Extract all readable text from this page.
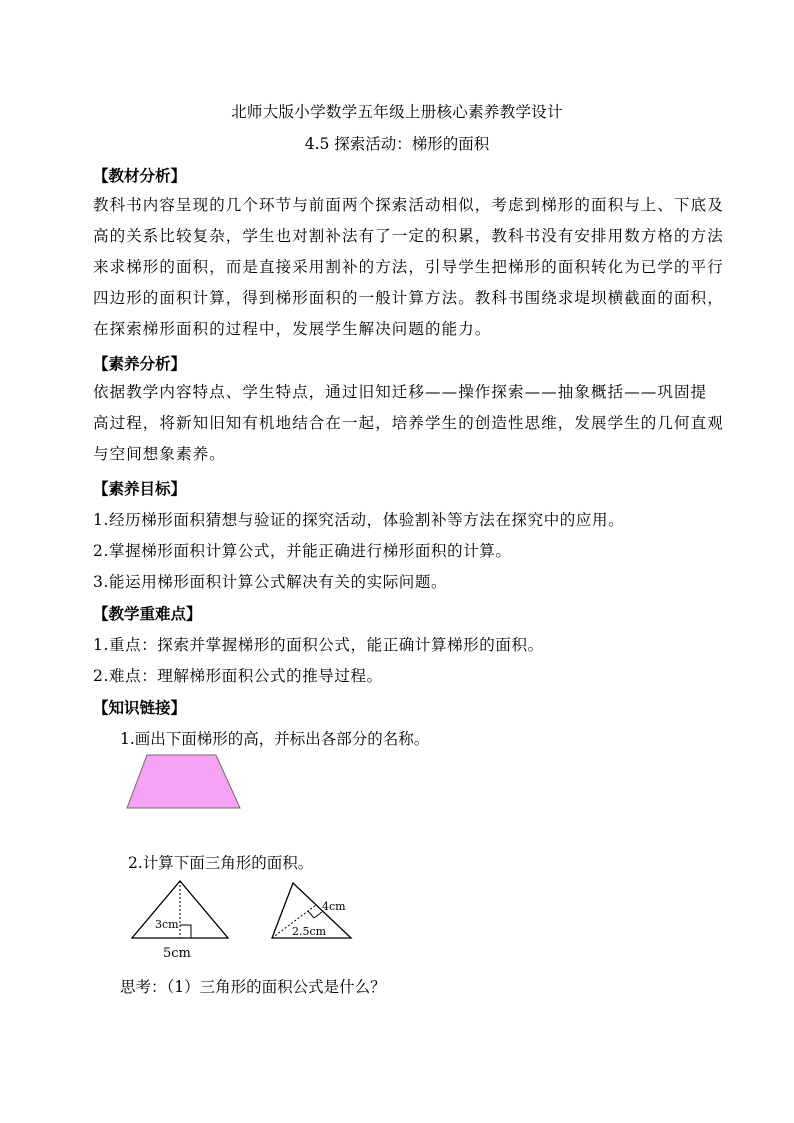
北师大版小学数学五年级上册核心素养教学设计
4.5 探索活动：梯形的面积
【教材分析】
教科书内容呈现的几个环节与前面两个探索活动相似，考虑到梯形的面积与上、下底及
高的关系比较复杂，学生也对割补法有了一定的积累，教科书没有安排用数方格的方法
来求梯形的面积，而是直接采用割补的方法，引导学生把梯形的面积转化为已学的平行
四边形的面积计算，得到梯形面积的一般计算方法。教科书围绕求堤坝横截面的面积，
在探索梯形面积的过程中，发展学生解决问题的能力。
【素养分析】
依据教学内容特点、学生特点，通过旧知迁移——操作探索——抽象概括——巩固提
高过程，将新知旧知有机地结合在一起，培养学生的创造性思维，发展学生的几何直观
与空间想象素养。
【素养目标】
1.经历梯形面积猜想与验证的探究活动，体验割补等方法在探究中的应用。
2.掌握梯形面积计算公式，并能正确进行梯形面积的计算。
3.能运用梯形面积计算公式解决有关的实际问题。
【教学重难点】
1.重点：探索并掌握梯形的面积公式，能正确计算梯形的面积。
2.难点：理解梯形面积公式的推导过程。
【知识链接】
1.画出下面梯形的高，并标出各部分的名称。
2.计算下面三角形的面积。
3cm
5cm
4cm
2.5cm
思考：（1）三角形的面积公式是什么？
